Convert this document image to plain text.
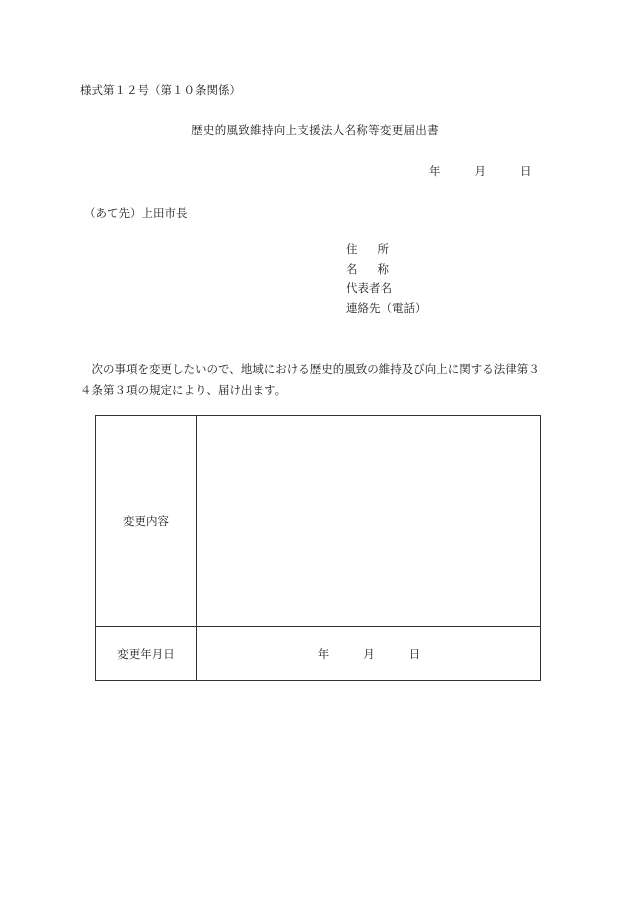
様式第１２号（第１０条関係）
歴史的風致維持向上支援法人名称等変更届出書
年	月	日
（あて先）上田市長
住所
名称
代表者名
連絡先（電話）
次の事項を変更したいので、地域における歴史的風致の維持及び向上に関する法律第３４条第３項の規定により、届け出ます。
変更内容
変更年月日	年	月	日
